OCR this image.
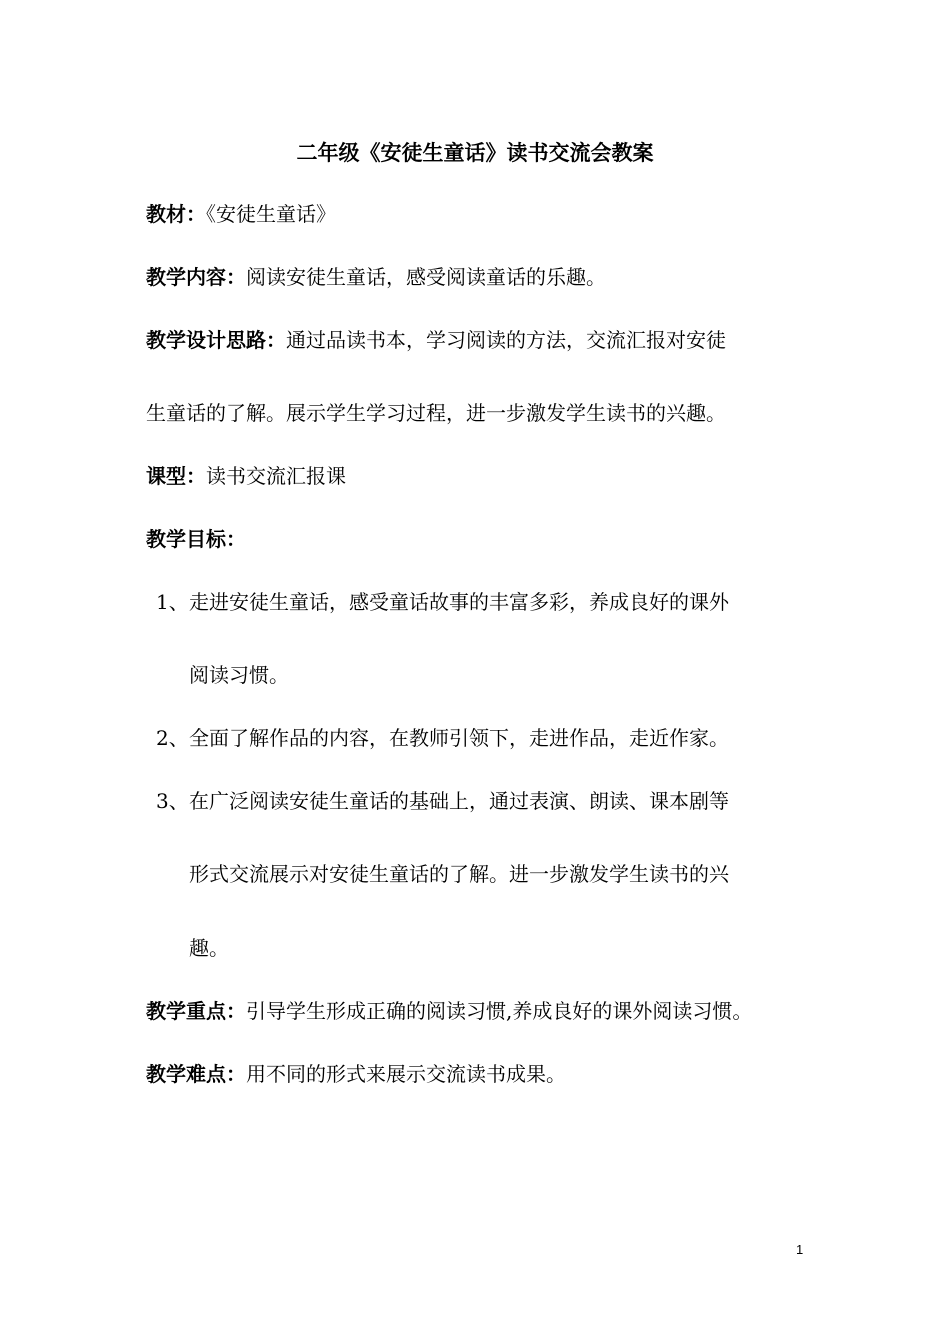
二年级《安徒生童话》读书交流会教案
教材：《安徒生童话》
教学内容：阅读安徒生童话，感受阅读童话的乐趣。
教学设计思路：通过品读书本，学习阅读的方法，交流汇报对安徒
生童话的了解。展示学生学习过程，进一步激发学生读书的兴趣。
课型：读书交流汇报课
教学目标：
1、 走进安徒生童话，感受童话故事的丰富多彩，养成良好的课外
阅读习惯。
2、 全面了解作品的内容，在教师引领下，走进作品，走近作家。
3、 在广泛阅读安徒生童话的基础上，通过表演、朗读、课本剧等
形式交流展示对安徒生童话的了解。进一步激发学生读书的兴
趣。
教学重点：引导学生形成正确的阅读习惯,养成良好的课外阅读习惯。
教学难点：用不同的形式来展示交流读书成果。
1
